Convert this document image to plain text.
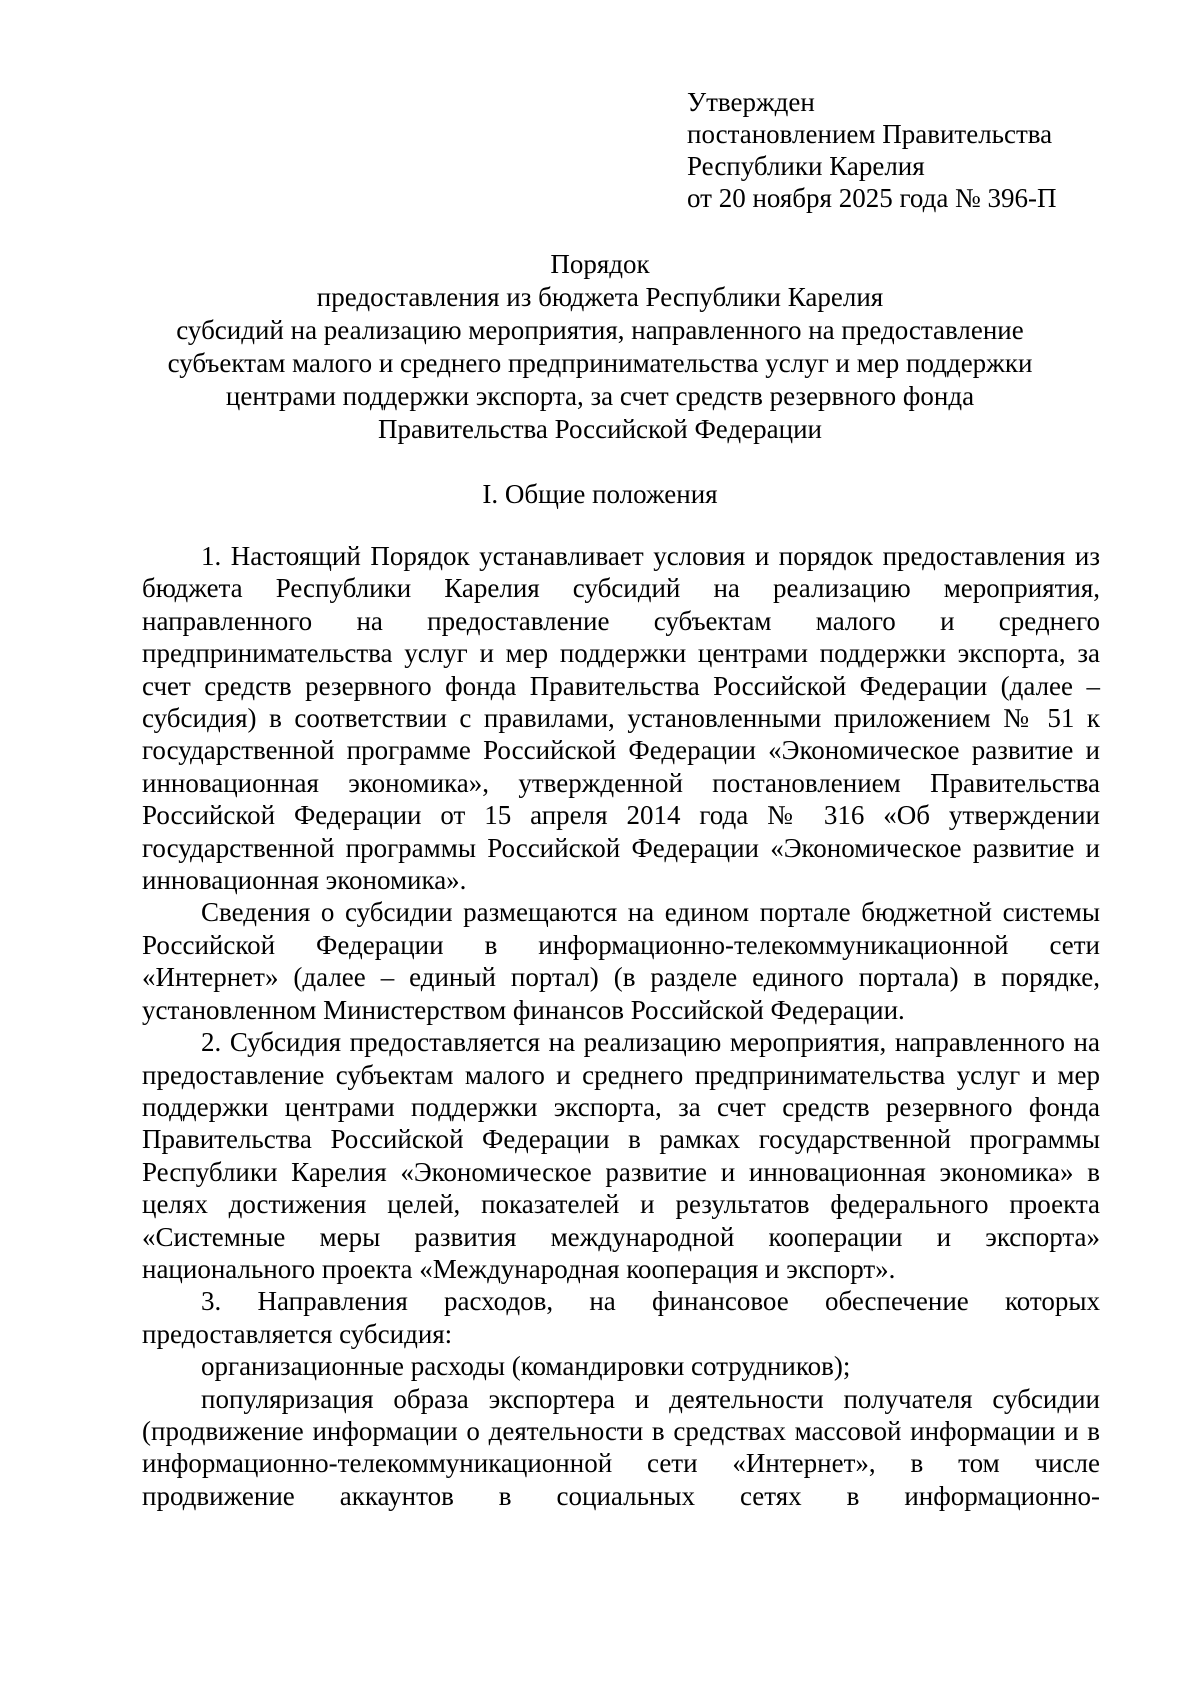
Утвержден
постановлением Правительства
Республики Карелия
от 20 ноября 2025 года № 396-П
Порядок
предоставления из бюджета Республики Карелия
субсидий на реализацию мероприятия, направленного на предоставление
субъектам малого и среднего предпринимательства услуг и мер поддержки
центрами поддержки экспорта, за счет средств резервного фонда
Правительства Российской Федерации
I. Общие положения

1. Настоящий Порядок устанавливает условия и порядок предоставления из бюджета Республики Карелия субсидий на реализацию мероприятия, направленного на предоставление субъектам малого и среднего предпринимательства услуг и мер поддержки центрами поддержки экспорта, за счет средств резервного фонда Правительства Российской Федерации (далее – субсидия) в соответствии с правилами, установленными приложением № 51 к государственной программе Российской Федерации «Экономическое развитие и инновационная экономика», утвержденной постановлением Правительства Российской Федерации от 15 апреля 2014 года № 316 «Об утверждении государственной программы Российской Федерации «Экономическое развитие и инновационная экономика».

Сведения о субсидии размещаются на едином портале бюджетной системы Российской Федерации в информационно-телекоммуникационной сети «Интернет» (далее – единый портал) (в разделе единого портала) в порядке, установленном Министерством финансов Российской Федерации.

2. Субсидия предоставляется на реализацию мероприятия, направленного на предоставление субъектам малого и среднего предпринимательства услуг и мер поддержки центрами поддержки экспорта, за счет средств резервного фонда Правительства Российской Федерации в рамках государственной программы Республики Карелия «Экономическое развитие и инновационная экономика» в целях достижения целей, показателей и результатов федерального проекта «Системные меры развития международной кооперации и экспорта» национального проекта «Международная кооперация и экспорт».

3. Направления расходов, на финансовое обеспечение которых предоставляется субсидия:

организационные расходы (командировки сотрудников);

популяризация образа экспортера и деятельности получателя субсидии (продвижение информации о деятельности в средствах массовой информации и в информационно-телекоммуникационной сети «Интернет», в том числе продвижение аккаунтов в социальных сетях в информационно-
